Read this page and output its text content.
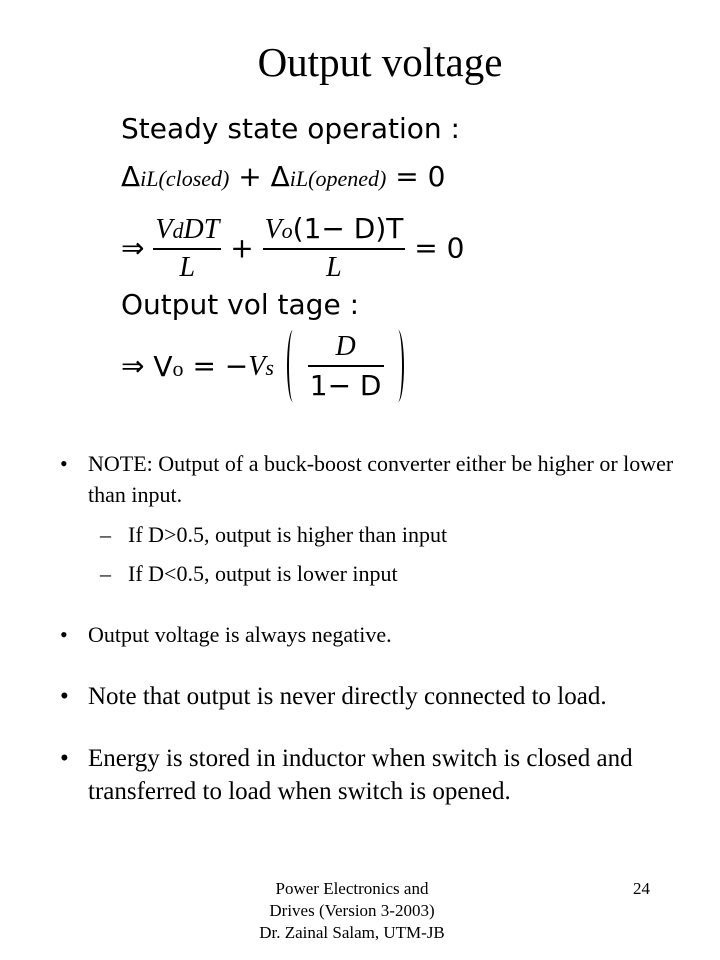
Output voltage
Steady state operation :
ΔiL(closed) + ΔiL(opened) = 0
⇒ $\frac{\text{VdDT}}{L} + \frac{Vo(1- D)T}{L} = 0$
Output vol tage :
⇒ $Vo = -Vs \frac{D}{1- D}$

• NOTE: Output of a buck-boost converter either be higher or lower than input.
– If D>0.5, output is higher than input
– If D<0.5, output is lower input
• Output voltage is always negative.
• Note that output is never directly connected to load.
• Energy is stored in inductor when switch is closed and transferred to load when switch is opened.
Power Electronics and
Drives (Version 3-2003)
Dr. Zainal Salam, UTM-JB
24
